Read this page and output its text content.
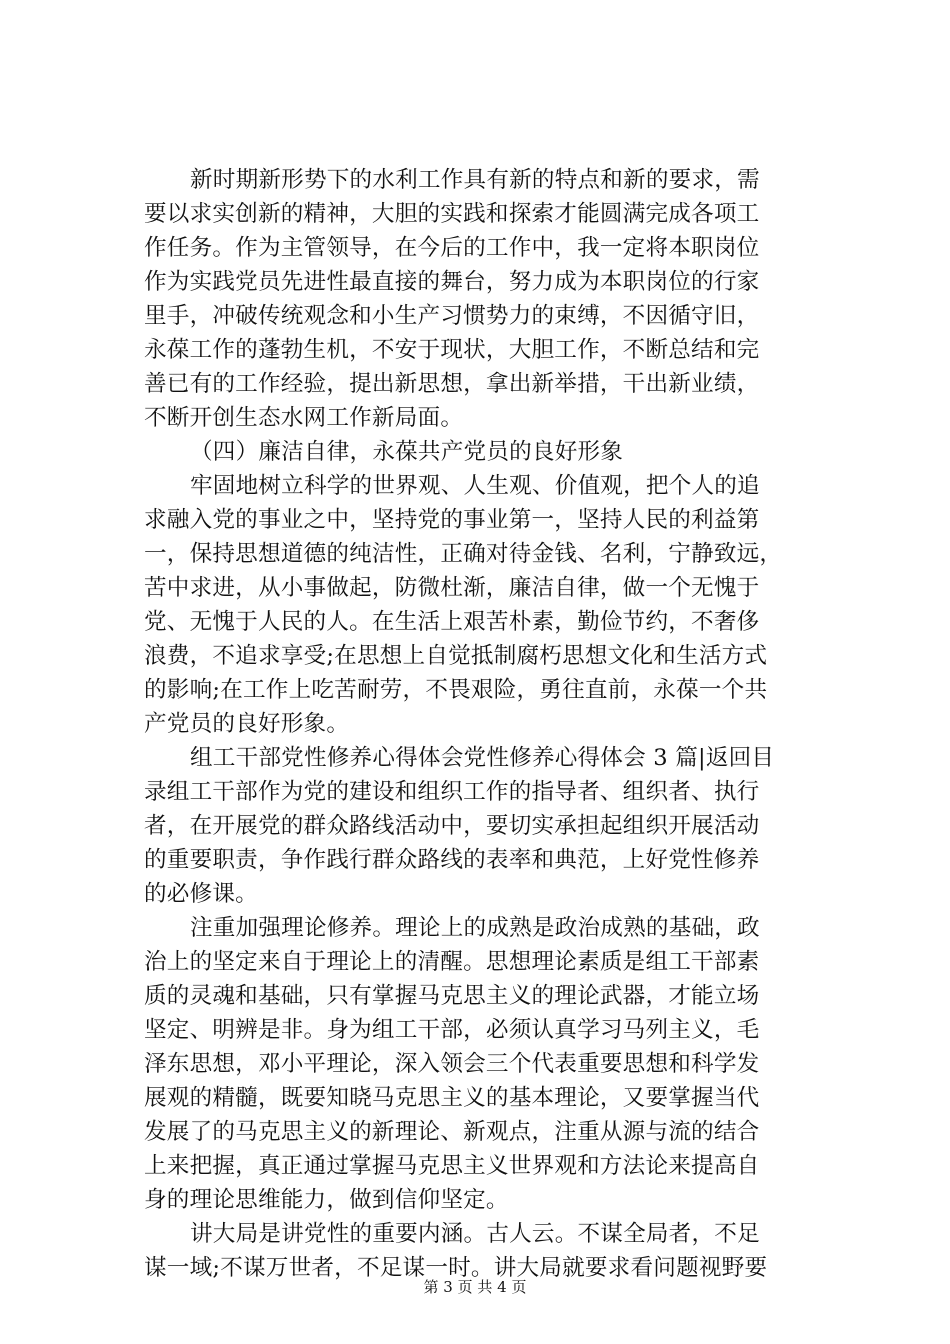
新时期新形势下的水利工作具有新的特点和新的要求，需
要以求实创新的精神，大胆的实践和探索才能圆满完成各项工
作任务。作为主管领导，在今后的工作中，我一定将本职岗位
作为实践党员先进性最直接的舞台，努力成为本职岗位的行家
里手，冲破传统观念和小生产习惯势力的束缚，不因循守旧，
永葆工作的蓬勃生机，不安于现状，大胆工作，不断总结和完
善已有的工作经验，提出新思想，拿出新举措，干出新业绩，
不断开创生态水网工作新局面。
（四）廉洁自律，永葆共产党员的良好形象
牢固地树立科学的世界观、人生观、价值观，把个人的追
求融入党的事业之中，坚持党的事业第一，坚持人民的利益第
一，保持思想道德的纯洁性，正确对待金钱、名利，宁静致远，
苦中求进，从小事做起，防微杜渐，廉洁自律，做一个无愧于
党、无愧于人民的人。在生活上艰苦朴素，勤俭节约，不奢侈
浪费，不追求享受;在思想上自觉抵制腐朽思想文化和生活方式
的影响;在工作上吃苦耐劳，不畏艰险，勇往直前，永葆一个共
产党员的良好形象。
组工干部党性修养心得体会党性修养心得体会 3 篇|返回目
录组工干部作为党的建设和组织工作的指导者、组织者、执行
者，在开展党的群众路线活动中，要切实承担起组织开展活动
的重要职责，争作践行群众路线的表率和典范，上好党性修养
的必修课。
注重加强理论修养。理论上的成熟是政治成熟的基础，政
治上的坚定来自于理论上的清醒。思想理论素质是组工干部素
质的灵魂和基础，只有掌握马克思主义的理论武器，才能立场
坚定、明辨是非。身为组工干部，必须认真学习马列主义，毛
泽东思想，邓小平理论，深入领会三个代表重要思想和科学发
展观的精髓，既要知晓马克思主义的基本理论，又要掌握当代
发展了的马克思主义的新理论、新观点，注重从源与流的结合
上来把握，真正通过掌握马克思主义世界观和方法论来提高自
身的理论思维能力，做到信仰坚定。
讲大局是讲党性的重要内涵。古人云。不谋全局者，不足
谋一域;不谋万世者，不足谋一时。讲大局就要求看问题视野要
第 3 页 共 4 页
